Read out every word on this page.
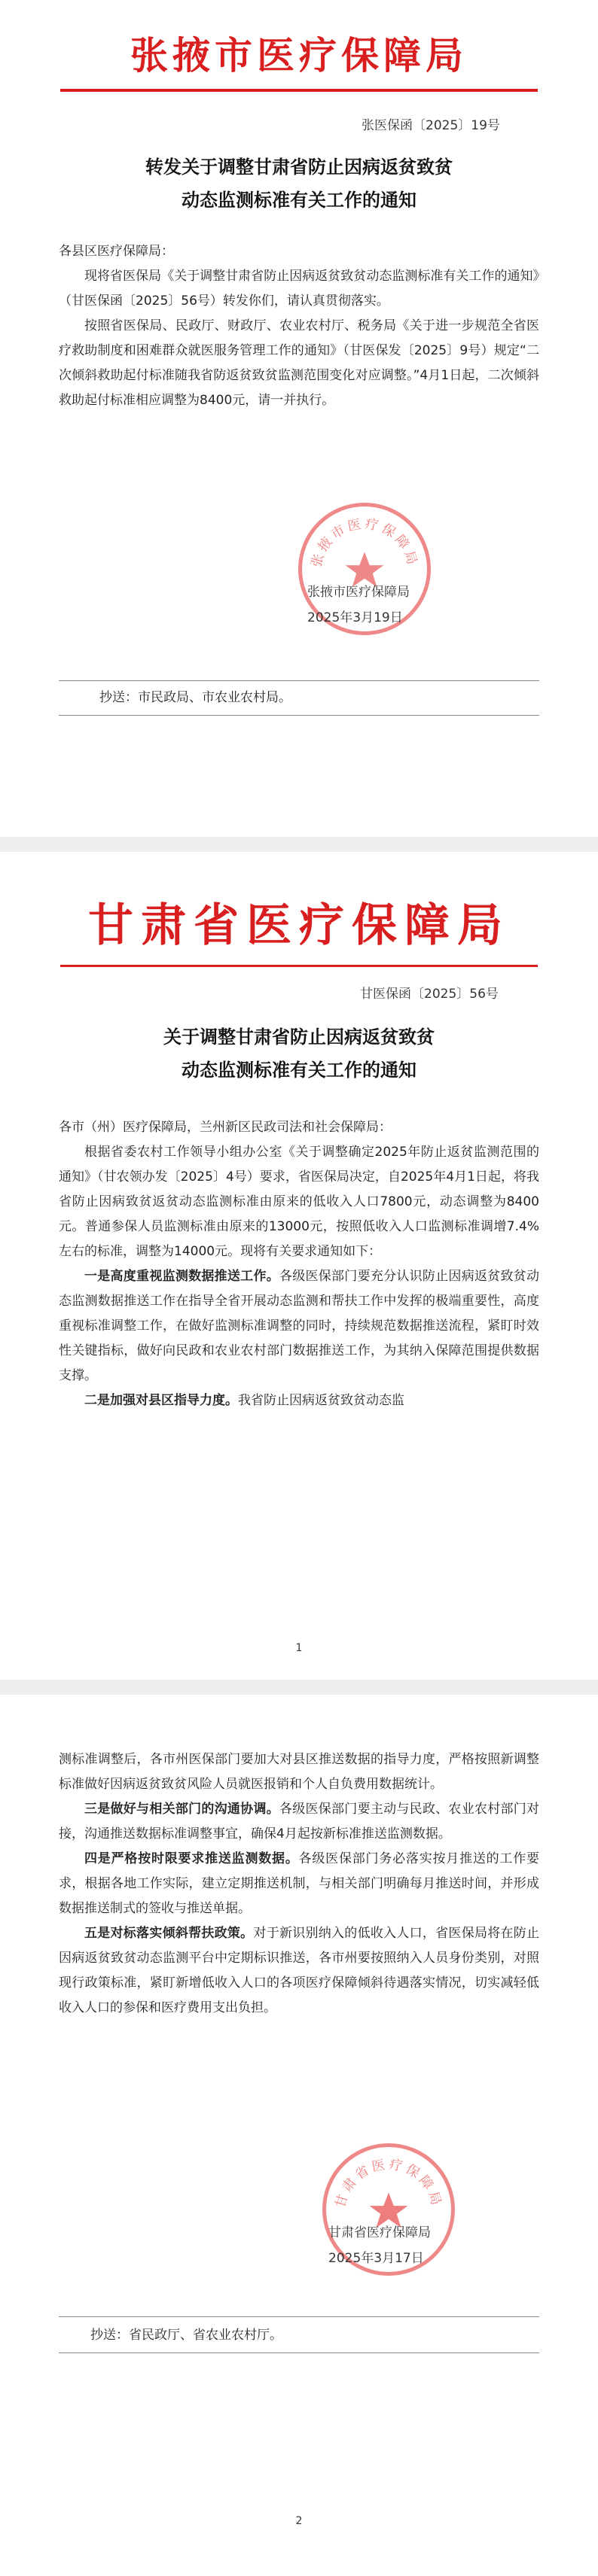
张掖市医疗保障局
张医保函〔2025〕19号
转发关于调整甘肃省防止因病返贫致贫
动态监测标准有关工作的通知

各县区医疗保障局：

现将省医保局《关于调整甘肃省防止因病返贫致贫动态监测标准有关工作的通知》（甘医保函〔2025〕56号）转发你们，请认真贯彻落实。

按照省医保局、民政厅、财政厅、农业农村厅、税务局《关于进一步规范全省医疗救助制度和困难群众就医服务管理工作的通知》（甘医保发〔2025〕9号）规定“二次倾斜救助起付标准随我省防返贫致贫监测范围变化对应调整。”4月1日起，二次倾斜救助起付标准相应调整为8400元，请一并执行。

张掖市医疗保障局
张掖市医疗保障局
2025年3月19日
抄送：市民政局、市农业农村局。
甘肃省医疗保障局
甘医保函〔2025〕56号
关于调整甘肃省防止因病返贫致贫
动态监测标准有关工作的通知

各市（州）医疗保障局，兰州新区民政司法和社会保障局：

根据省委农村工作领导小组办公室《关于调整确定2025年防止返贫监测范围的通知》（甘农领办发〔2025〕4号）要求，省医保局决定，自2025年4月1日起，将我省防止因病致贫返贫动态监测标准由原来的低收入人口7800元，动态调整为8400元。普通参保人员监测标准由原来的13000元，按照低收入人口监测标准调增7.4%左右的标准，调整为14000元。现将有关要求通知如下：

一是高度重视监测数据推送工作。各级医保部门要充分认识防止因病返贫致贫动态监测数据推送工作在指导全省开展动态监测和帮扶工作中发挥的极端重要性，高度重视标准调整工作，在做好监测标准调整的同时，持续规范数据推送流程，紧盯时效性关键指标，做好向民政和农业农村部门数据推送工作，为其纳入保障范围提供数据支撑。

二是加强对县区指导力度。我省防止因病返贫致贫动态监

1

测标准调整后，各市州医保部门要加大对县区推送数据的指导力度，严格按照新调整标准做好因病返贫致贫风险人员就医报销和个人自负费用数据统计。

三是做好与相关部门的沟通协调。各级医保部门要主动与民政、农业农村部门对接，沟通推送数据标准调整事宜，确保4月起按新标准推送监测数据。

四是严格按时限要求推送监测数据。各级医保部门务必落实按月推送的工作要求，根据各地工作实际，建立定期推送机制，与相关部门明确每月推送时间，并形成数据推送制式的签收与推送单据。

五是对标落实倾斜帮扶政策。对于新识别纳入的低收入人口，省医保局将在防止因病返贫致贫动态监测平台中定期标识推送，各市州要按照纳入人员身份类别，对照现行政策标准，紧盯新增低收入人口的各项医疗保障倾斜待遇落实情况，切实减轻低收入人口的参保和医疗费用支出负担。

甘肃省医疗保障局
甘肃省医疗保障局
2025年3月17日
抄送：省民政厅、省农业农村厅。
2
